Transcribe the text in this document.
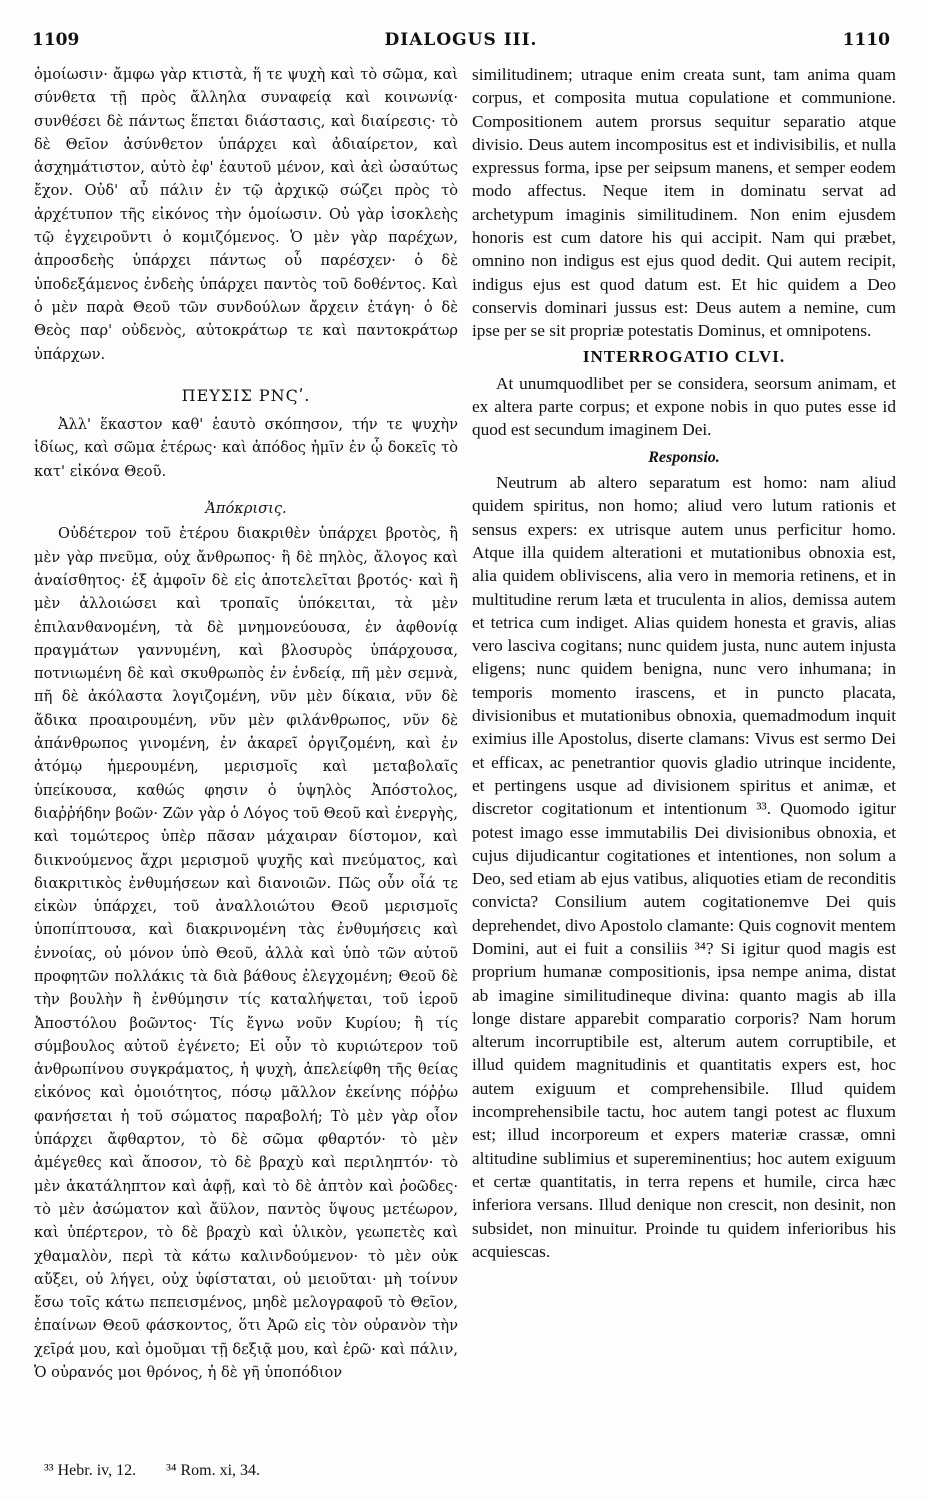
1109	DIALOGUS III.	1110

ὁμοίωσιν· ἄμφω γὰρ κτιστὰ, ἥ τε ψυχὴ καὶ τὸ σῶμα, καὶ σύνθετα τῇ πρὸς ἄλληλα συναφείᾳ καὶ κοινωνίᾳ· συνθέσει δὲ πάντως ἕπεται διάστασις, καὶ διαίρεσις· τὸ δὲ Θεῖον ἀσύνθετον ὑπάρχει καὶ ἀδιαίρετον, καὶ ἀσχημάτιστον, αὐτὸ ἐφ' ἑαυτοῦ μένον, καὶ ἀεὶ ὡσαύτως ἔχον. Οὐδ' αὖ πάλιν ἐν τῷ ἀρχικῷ σώζει πρὸς τὸ ἀρχέτυπον τῆς εἰκόνος τὴν ὁμοίωσιν. Οὐ γὰρ ἰσοκλεὴς τῷ ἐγχειροῦντι ὁ κομιζόμενος. Ὁ μὲν γὰρ παρέχων, ἀπροσδεὴς ὑπάρχει πάντως οὗ παρέσχεν· ὁ δὲ ὑποδεξάμενος ἐνδεὴς ὑπάρχει παντὸς τοῦ δοθέντος. Καὶ ὁ μὲν παρὰ Θεοῦ τῶν συνδούλων ἄρχειν ἐτάγη· ὁ δὲ Θεὸς παρ' οὐδενὸς, αὐτοκράτωρ τε καὶ παντοκράτωρ ὑπάρχων.

ΠΕΥΣΙΣ ΡΝϚʹ.

Ἀλλ' ἕκαστον καθ' ἑαυτὸ σκόπησον, τήν τε ψυχὴν ἰδίως, καὶ σῶμα ἑτέρως· καὶ ἀπόδος ἡμῖν ἐν ᾧ δοκεῖς τὸ κατ' εἰκόνα Θεοῦ.

Ἀπόκρισις.

Οὐδέτερον τοῦ ἑτέρου διακριθὲν ὑπάρχει βροτὸς, ἣ μὲν γὰρ πνεῦμα, οὐχ ἄνθρωπος· ἣ δὲ πηλὸς, ἄλογος καὶ ἀναίσθητος· ἐξ ἀμφοῖν δὲ εἰς ἀποτελεῖται βροτός· καὶ ἣ μὲν ἀλλοιώσει καὶ τροπαῖς ὑπόκειται, τὰ μὲν ἐπιλανθανομένη, τὰ δὲ μνημονεύουσα, ἐν ἀφθονίᾳ πραγμάτων γαννυμένη, καὶ βλοσυρὸς ὑπάρχουσα, ποτνιωμένη δὲ καὶ σκυθρωπὸς ἐν ἐνδείᾳ, πῆ μὲν σεμνὰ, πῆ δὲ ἀκόλαστα λογιζομένη, νῦν μὲν δίκαια, νῦν δὲ ἄδικα προαιρουμένη, νῦν μὲν φιλάνθρωπος, νῦν δὲ ἀπάνθρωπος γινομένη, ἐν ἀκαρεῖ ὀργιζομένη, καὶ ἐν ἀτόμῳ ἡμερουμένη, μερισμοῖς καὶ μεταβολαῖς ὑπείκουσα, καθώς φησιν ὁ ὑψηλὸς Ἀπόστολος, διαῤῥήδην βοῶν· Ζῶν γὰρ ὁ Λόγος τοῦ Θεοῦ καὶ ἐνεργὴς, καὶ τομώτερος ὑπὲρ πᾶσαν μάχαιραν δίστομον, καὶ διικνούμενος ἄχρι μερισμοῦ ψυχῆς καὶ πνεύματος, καὶ διακριτικὸς ἐνθυμήσεων καὶ διανοιῶν. Πῶς οὖν οἷά τε εἰκὼν ὑπάρχει, τοῦ ἀναλλοιώτου Θεοῦ μερισμοῖς ὑποπίπτουσα, καὶ διακρινομένη τὰς ἐνθυμήσεις καὶ ἐννοίας, οὐ μόνον ὑπὸ Θεοῦ, ἀλλὰ καὶ ὑπὸ τῶν αὐτοῦ προφητῶν πολλάκις τὰ διὰ βάθους ἐλεγχομένη; Θεοῦ δὲ τὴν βουλὴν ἢ ἐνθύμησιν τίς καταλήψεται, τοῦ ἱεροῦ Ἀποστόλου βοῶντος· Τίς ἔγνω νοῦν Κυρίου; ἢ τίς σύμβουλος αὐτοῦ ἐγένετο; Εἰ οὖν τὸ κυριώτερον τοῦ ἀνθρωπίνου συγκράματος, ἡ ψυχὴ, ἀπελείφθη τῆς θείας εἰκόνος καὶ ὁμοιότητος, πόσῳ μᾶλλον ἐκείνης πόῤῥω φανήσεται ἡ τοῦ σώματος παραβολή; Τὸ μὲν γὰρ οἷον ὑπάρχει ἄφθαρτον, τὸ δὲ σῶμα φθαρτόν· τὸ μὲν ἀμέγεθες καὶ ἄποσον, τὸ δὲ βραχὺ καὶ περιληπτόν· τὸ μὲν ἀκατάληπτον καὶ ἀφῇ, καὶ τὸ δὲ ἁπτὸν καὶ ῥοῶδες· τὸ μὲν ἀσώματον καὶ ἄϋλον, παντὸς ὕψους μετέωρον, καὶ ὑπέρτερον, τὸ δὲ βραχὺ καὶ ὑλικὸν, γεωπετὲς καὶ χθαμαλὸν, περὶ τὰ κάτω καλινδούμενον· τὸ μὲν οὐκ αὔξει, οὐ λήγει, οὐχ ὑφίσταται, οὐ μειοῦται· μὴ τοίνυν ἔσω τοῖς κάτω πεπεισμένος, μηδὲ μελογραφοῦ τὸ Θεῖον, ἐπαίνων Θεοῦ φάσκοντος, ὅτι Ἀρῶ εἰς τὸν οὐρανὸν τὴν χεῖρά μου, καὶ ὀμοῦμαι τῇ δεξιᾷ μου, καὶ ἐρῶ· καὶ πάλιν, Ὁ οὐρανός μοι θρόνος, ἡ δὲ γῆ ὑποπόδιον

similitudinem; utraque enim creata sunt, tam anima quam corpus, et composita mutua copulatione et communione. Compositionem autem prorsus sequitur separatio atque divisio. Deus autem incompositus est et indivisibilis, et nulla expressus forma, ipse per seipsum manens, et semper eodem modo affectus. Neque item in dominatu servat ad archetypum imaginis similitudinem. Non enim ejusdem honoris est cum datore his qui accipit. Nam qui præbet, omnino non indigus est ejus quod dedit. Qui autem recipit, indigus ejus est quod datum est. Et hic quidem a Deo conservis dominari jussus est: Deus autem a nemine, cum ipse per se sit propriæ potestatis Dominus, et omnipotens.

INTERROGATIO CLVI.

At unumquodlibet per se considera, seorsum animam, et ex altera parte corpus; et expone nobis in quo putes esse id quod est secundum imaginem Dei.

Responsio.

Neutrum ab altero separatum est homo: nam aliud quidem spiritus, non homo; aliud vero lutum rationis et sensus expers: ex utrisque autem unus perficitur homo. Atque illa quidem alterationi et mutationibus obnoxia est, alia quidem obliviscens, alia vero in memoria retinens, et in multitudine rerum læta et truculenta in alios, demissa autem et tetrica cum indiget. Alias quidem honesta et gravis, alias vero lasciva cogitans; nunc quidem justa, nunc autem injusta eligens; nunc quidem benigna, nunc vero inhumana; in temporis momento irascens, et in puncto placata, divisionibus et mutationibus obnoxia, quemadmodum inquit eximius ille Apostolus, diserte clamans: Vivus est sermo Dei et efficax, ac penetrantior quovis gladio utrinque incidente, et pertingens usque ad divisionem spiritus et animæ, et discretor cogitationum et intentionum ³³. Quomodo igitur potest imago esse immutabilis Dei divisionibus obnoxia, et cujus dijudicantur cogitationes et intentiones, non solum a Deo, sed etiam ab ejus vatibus, aliquoties etiam de reconditis convicta? Consilium autem cogitationemve Dei quis deprehendet, divo Apostolo clamante: Quis cognovit mentem Domini, aut ei fuit a consiliis ³⁴? Si igitur quod magis est proprium humanæ compositionis, ipsa nempe anima, distat ab imagine similitudineque divina: quanto magis ab illa longe distare apparebit comparatio corporis? Nam horum alterum incorruptibile est, alterum autem corruptibile, et illud quidem magnitudinis et quantitatis expers est, hoc autem exiguum et comprehensibile. Illud quidem incomprehensibile tactu, hoc autem tangi potest ac fluxum est; illud incorporeum et expers materiæ crassæ, omni altitudine sublimius et supereminentius; hoc autem exiguum et certæ quantitatis, in terra repens et humile, circa hæc inferiora versans. Illud denique non crescit, non desinit, non subsidet, non minuitur. Proinde tu quidem inferioribus his acquiescas.

³³ Hebr. iv, 12. ³⁴ Rom. xi, 34.
